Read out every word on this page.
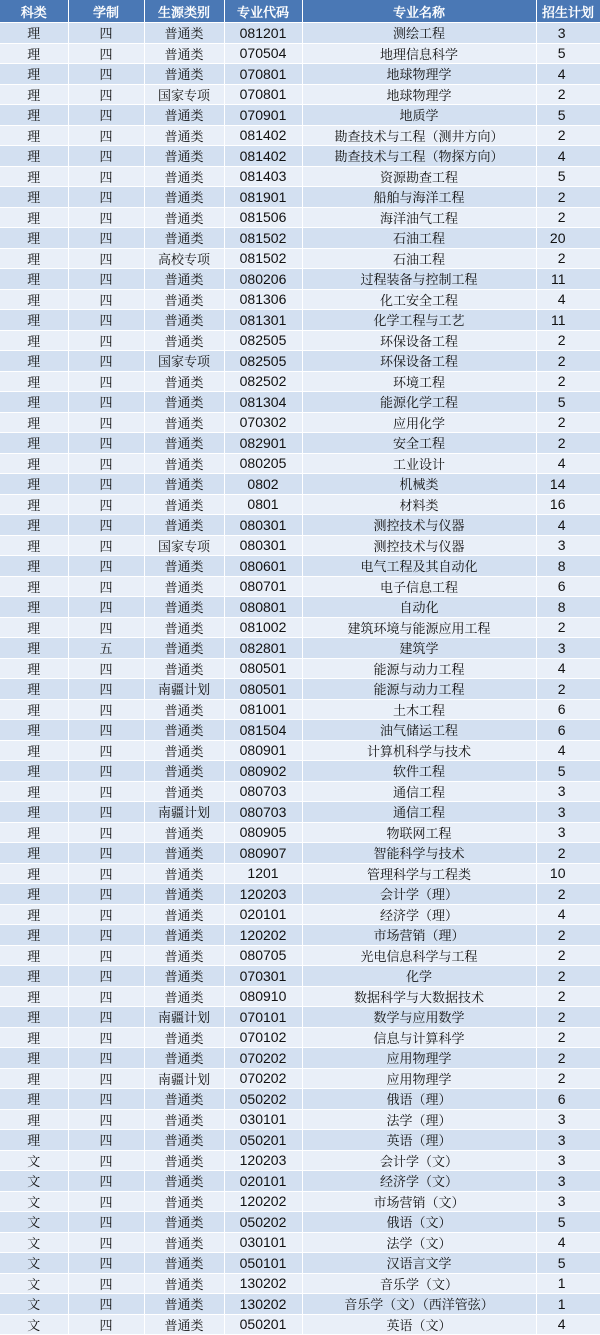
科类	学制	生源类别	专业代码	专业名称	招生计划
理	四	普通类	081201	测绘工程	3
理	四	普通类	070504	地理信息科学	5
理	四	普通类	070801	地球物理学	4
理	四	国家专项	070801	地球物理学	2
理	四	普通类	070901	地质学	5
理	四	普通类	081402	勘查技术与工程（测井方向）	2
理	四	普通类	081402	勘查技术与工程（物探方向）	4
理	四	普通类	081403	资源勘查工程	5
理	四	普通类	081901	船舶与海洋工程	2
理	四	普通类	081506	海洋油气工程	2
理	四	普通类	081502	石油工程	20
理	四	高校专项	081502	石油工程	2
理	四	普通类	080206	过程装备与控制工程	11
理	四	普通类	081306	化工安全工程	4
理	四	普通类	081301	化学工程与工艺	11
理	四	普通类	082505	环保设备工程	2
理	四	国家专项	082505	环保设备工程	2
理	四	普通类	082502	环境工程	2
理	四	普通类	081304	能源化学工程	5
理	四	普通类	070302	应用化学	2
理	四	普通类	082901	安全工程	2
理	四	普通类	080205	工业设计	4
理	四	普通类	0802	机械类	14
理	四	普通类	0801	材料类	16
理	四	普通类	080301	测控技术与仪器	4
理	四	国家专项	080301	测控技术与仪器	3
理	四	普通类	080601	电气工程及其自动化	8
理	四	普通类	080701	电子信息工程	6
理	四	普通类	080801	自动化	8
理	四	普通类	081002	建筑环境与能源应用工程	2
理	五	普通类	082801	建筑学	3
理	四	普通类	080501	能源与动力工程	4
理	四	南疆计划	080501	能源与动力工程	2
理	四	普通类	081001	土木工程	6
理	四	普通类	081504	油气储运工程	6
理	四	普通类	080901	计算机科学与技术	4
理	四	普通类	080902	软件工程	5
理	四	普通类	080703	通信工程	3
理	四	南疆计划	080703	通信工程	3
理	四	普通类	080905	物联网工程	3
理	四	普通类	080907	智能科学与技术	2
理	四	普通类	1201	管理科学与工程类	10
理	四	普通类	120203	会计学（理）	2
理	四	普通类	020101	经济学（理）	4
理	四	普通类	120202	市场营销（理）	2
理	四	普通类	080705	光电信息科学与工程	2
理	四	普通类	070301	化学	2
理	四	普通类	080910	数据科学与大数据技术	2
理	四	南疆计划	070101	数学与应用数学	2
理	四	普通类	070102	信息与计算科学	2
理	四	普通类	070202	应用物理学	2
理	四	南疆计划	070202	应用物理学	2
理	四	普通类	050202	俄语（理）	6
理	四	普通类	030101	法学（理）	3
理	四	普通类	050201	英语（理）	3
文	四	普通类	120203	会计学（文）	3
文	四	普通类	020101	经济学（文）	3
文	四	普通类	120202	市场营销（文）	3
文	四	普通类	050202	俄语（文）	5
文	四	普通类	030101	法学（文）	4
文	四	普通类	050101	汉语言文学	5
文	四	普通类	130202	音乐学（文）	1
文	四	普通类	130202	音乐学（文）（西洋管弦）	1
文	四	普通类	050201	英语（文）	4
